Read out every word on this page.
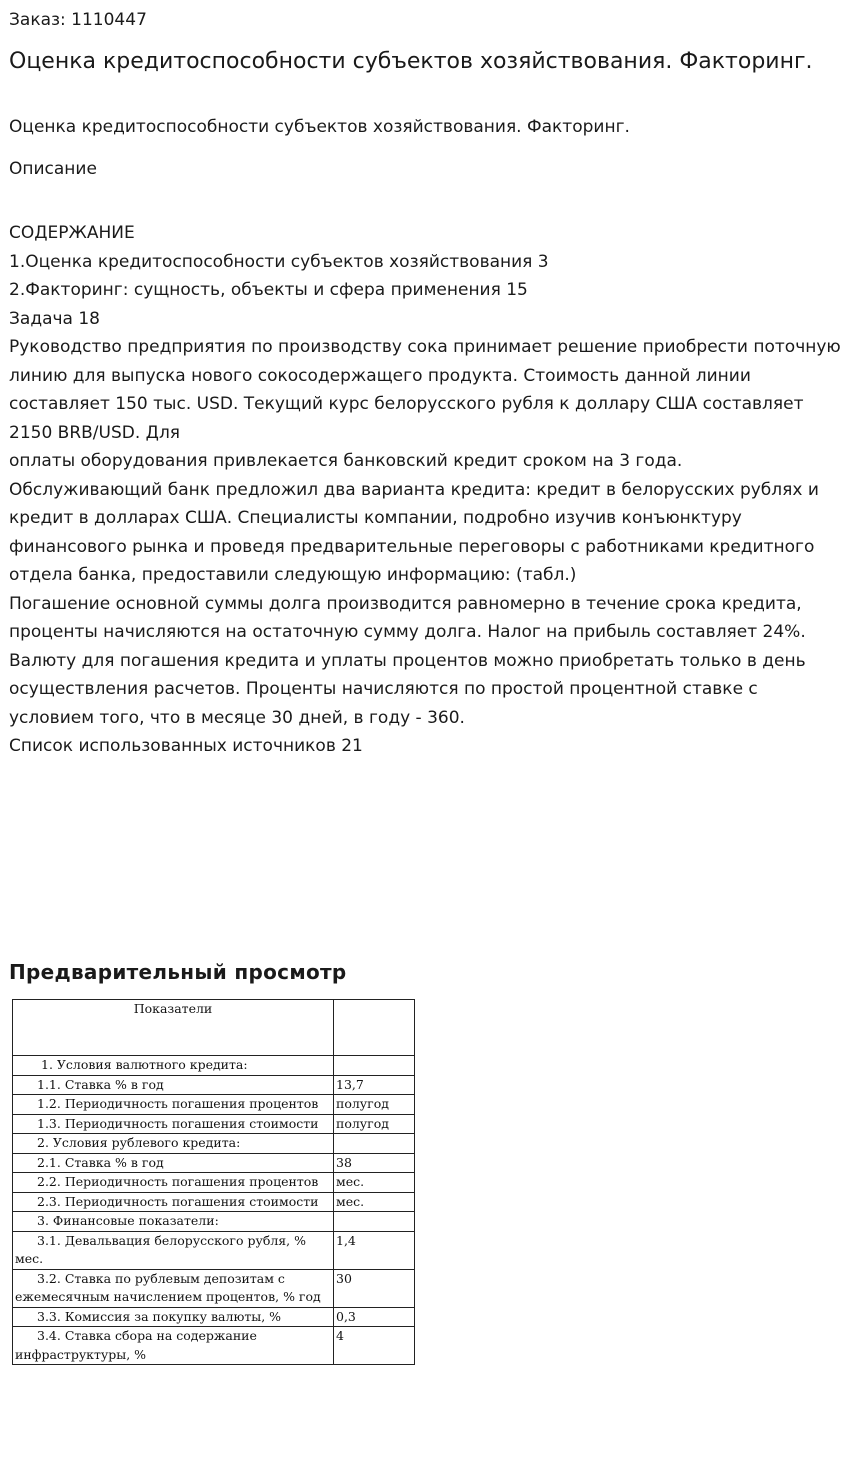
Заказ: 1110447
Оценка кредитоспособности субъектов хозяйствования. Факторинг.
Оценка кредитоспособности субъектов хозяйствования. Факторинг.
Описание
СОДЕРЖАНИЕ
1.Оценка кредитоспособности субъектов хозяйствования 3
2.Факторинг: сущность, объекты и сфера применения 15
Задача 18
Руководство предприятия по производству сока принимает решение приобрести поточную линию для выпуска нового сокосодержащего продукта. Стоимость данной линии составляет 150 тыс. USD. Текущий курс белорусского рубля к доллару США составляет 2150 BRB/USD. Для
оплаты оборудования привлекается банковский кредит сроком на 3 года. Обслуживающий банк предложил два варианта кредита: кредит в белорусских рублях и кредит в долларах США. Специалисты компании, подробно изучив конъюнктуру финансового рынка и проведя предварительные переговоры с работниками кредитного отдела банка, предоставили следующую информацию: (табл.)
Погашение основной суммы долга производится равномерно в течение срока кредита, проценты начисляются на остаточную сумму долга. Налог на прибыль составляет 24%. Валюту для погашения кредита и уплаты процентов можно приобретать только в день осуществления расчетов. Проценты начисляются по простой процентной ставке с условием того, что в месяце 30 дней, в году - 360.
Список использованных источников 21
Предварительный просмотр
Показатели	
1. Условия валютного кредита:	
1.1. Ставка % в год	13,7
1.2. Периодичность погашения процентов	полугод
1.3. Периодичность погашения стоимости	полугод
2. Условия рублевого кредита:	
2.1. Ставка % в год	38
2.2. Периодичность погашения процентов	мес.
2.3. Периодичность погашения стоимости	мес.
3. Финансовые показатели:	
3.1. Девальвация белорусского рубля, % мес.	1,4
3.2. Ставка по рублевым депозитам с ежемесячным начислением процентов, % год	30
3.3. Комиссия за покупку валюты, %	0,3
3.4. Ставка сбора на содержание инфраструктуры, %	4
